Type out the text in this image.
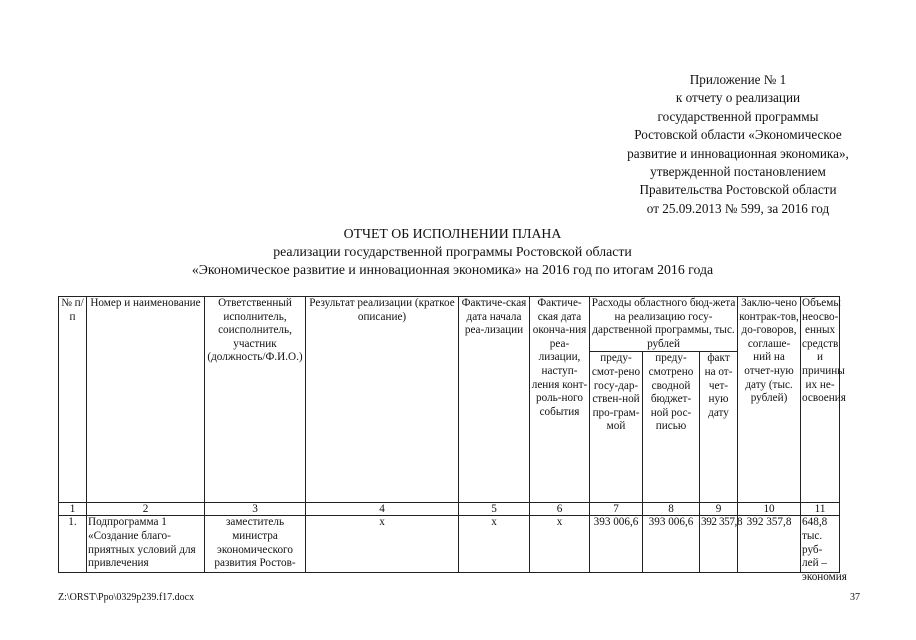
Приложение № 1
к отчету о реализации
государственной программы
Ростовской области «Экономическое
развитие и инновационная экономика»,
утвержденной постановлением
Правительства Ростовской области
от 25.09.2013 № 599, за 2016 год
ОТЧЕТ ОБ ИСПОЛНЕНИИ ПЛАНА
реализации государственной программы Ростовской области
«Экономическое развитие и инновационная экономика» на 2016 год по итогам 2016 года
№ п/п	Номер и наименование	Ответственный исполнитель, соисполнитель, участник (должность/Ф.И.О.)	Результат реализации (краткое описание)	Фактиче-ская дата начала реа-лизации	Фактиче-ская дата оконча-ния реа-лизации, наступ-ления конт-роль-ного события	Расходы областного бюд-жета на реализацию госу-дарственной программы, тыс. рублей			Заклю-чено контрак-тов, до-говоров, соглаше-ний на отчет-ную дату (тыс. рублей)	Объемы неосво-енных средств и причины их не-освоения
						преду-смот-рено госу-дар-ствен-ной про-грам-мой	преду-смотрено сводной бюджет-ной рос-писью	факт на от-чет-ную дату		
1	2	3	4	5	6	7	8	9	10	11
1.	Подпрограмма 1 «Создание благо-приятных условий для привлечения	заместитель министра экономического развития Ростов-	х	х	х	393 006,6	393 006,6	392 357,8	392 357,8	648,8 тыс. руб-лей – экономия
Z:\ORST\Ppo\0329p239.f17.docx	37
